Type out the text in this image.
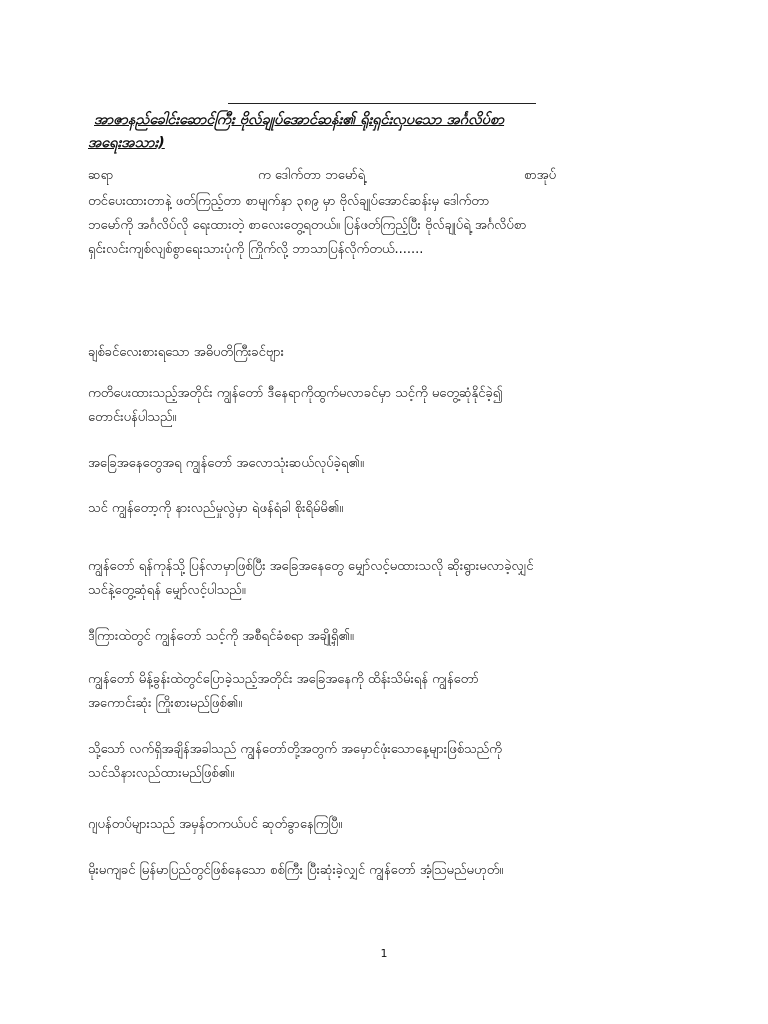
အာဇာနည်ခေါင်းဆောင်ကြီး ဗိုလ်ချုပ်အောင်ဆန်း၏ ရိုးရှင်းလှပသော အင်္ဂလိပ်စာ
အရေးအသား)
ဆရာ	က ဒေါက်တာ ဘမော်ရဲ့	စာအုပ်
တင်ပေးထားတာနဲ့ ဖတ်ကြည့်တာ စာမျက်နှာ ၃၈၉ မှာ ဗိုလ်ချုပ်အောင်ဆန်းမှ ဒေါက်တာ
ဘမော်ကို အင်္ဂလိပ်လို ရေးထားတဲ့ စာလေးတွေ့ရတယ်။ ပြန်ဖတ်ကြည့်ပြီး ဗိုလ်ချုပ်ရဲ့ အင်္ဂလိပ်စာ
ရှင်းလင်းကျစ်လျစ်စွာရေးသားပုံကို ကြိုက်လို့ ဘာသာပြန်လိုက်တယ်.......
ချစ်ခင်လေးစားရသော အဓိပတိကြီးခင်ဗျား
ကတိပေးထားသည့်အတိုင်း ကျွန်တော် ဒီနေရာကိုထွက်မလာခင်မှာ သင့်ကို မတွေ့ဆုံနိုင်ခဲ့၍
တောင်းပန်ပါသည်။
အခြေအနေတွေအရ ကျွန်တော် အလောသုံးဆယ်လုပ်ခဲ့ရ၏။
သင် ကျွန်တော့ကို နားလည်မှုလွဲမှာ ရဲဖန်ရံခါ စိုးရိမ်မိ၏။
ကျွန်တော် ရန်ကုန်သို့ ပြန်လာမှာဖြစ်ပြီး အခြေအနေတွေ မျှော်လင့်မထားသလို ဆိုးရွားမလာခဲ့လျှင်
သင်နဲ့တွေ့ဆုံရန် မျှော်လင့်ပါသည်။
ဒီကြားထဲတွင် ကျွန်တော် သင့်ကို အစီရင်ခံစရာ အချို့ရှိ၏။
ကျွန်တော် မိန့်ခွန်းထဲတွင်ပြောခဲ့သည့်အတိုင်း အခြေအနေကို ထိန်းသိမ်းရန် ကျွန်တော်
အကောင်းဆုံး ကြိုးစားမည်ဖြစ်၏။
သို့သော် လက်ရှိအချိန်အခါသည် ကျွန်တော်တို့အတွက် အမှောင်ဖုံးသောနေ့များဖြစ်သည်ကို
သင်သိနားလည်ထားမည်ဖြစ်၏။
ဂျပန်တပ်များသည် အမှန်တကယ်ပင် ဆုတ်ခွာနေကြပြီ။
မိုးမကျခင် မြန်မာပြည်တွင်ဖြစ်နေသော စစ်ကြီး ပြီးဆုံးခဲ့လျှင် ကျွန်တော် အံ့သြမည်မဟုတ်။
1
